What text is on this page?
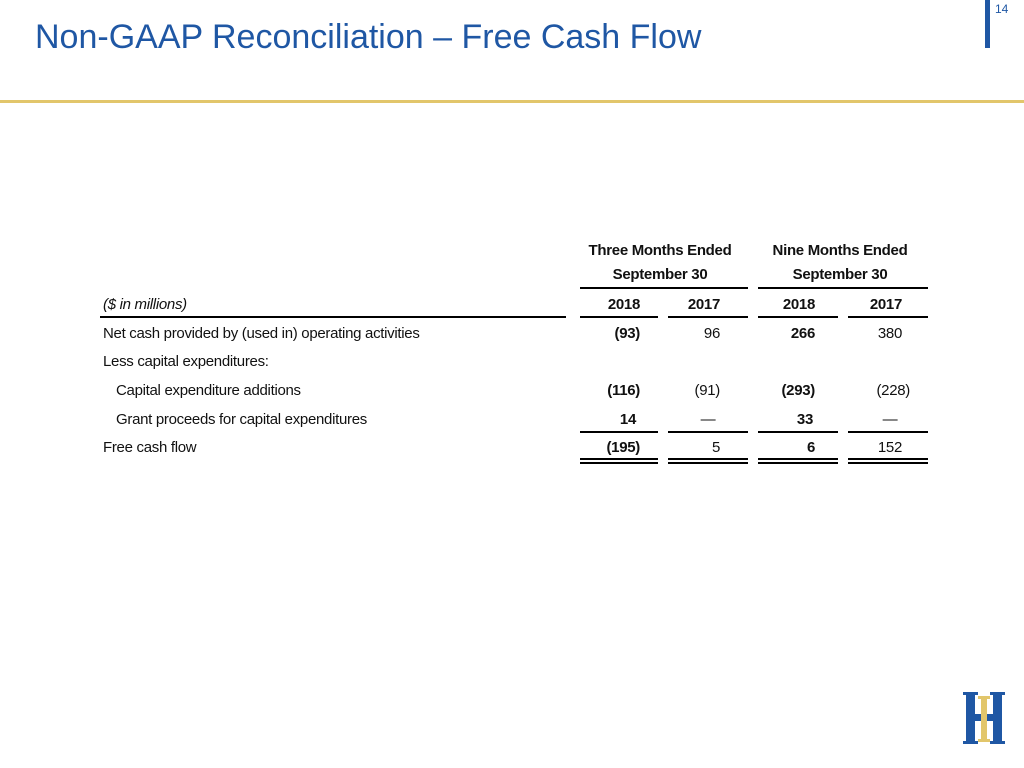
Non-GAAP Reconciliation – Free Cash Flow
14
Three Months Ended
September 30
Nine Months Ended
September 30
($ in millions)	2018	2017	2018	2017
Net cash provided by (used in) operating activities	(93)	96	266	380
Less capital expenditures:
Capital expenditure additions	(116)	(91)	(293)	(228)
Grant proceeds for capital expenditures	14	—	33	—
Free cash flow	(195)	5	6	152
